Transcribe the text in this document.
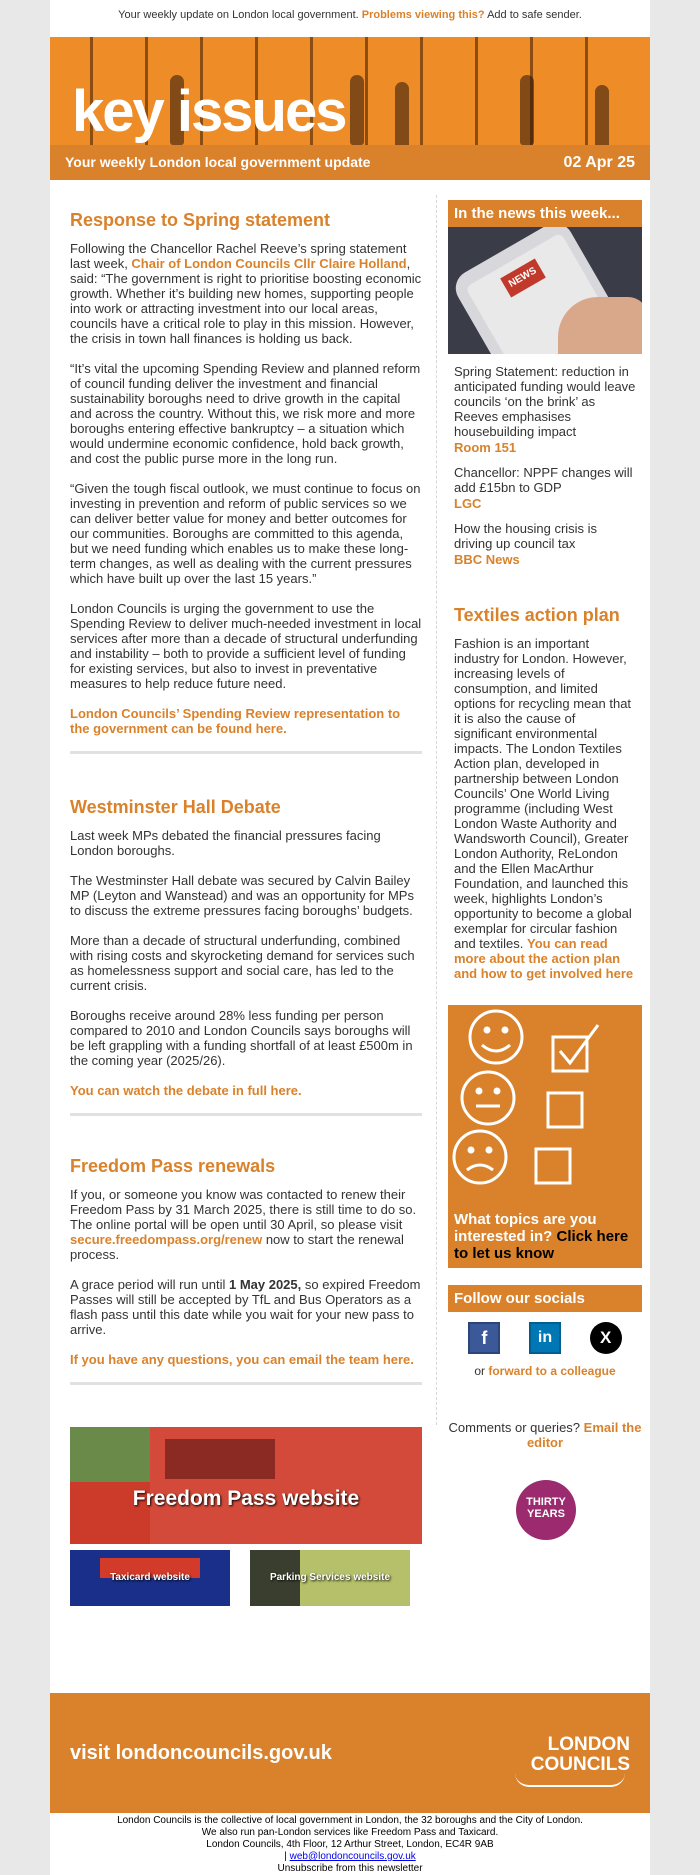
Your weekly update on London local government. Problems viewing this? Add to safe sender.
key issues
Your weekly London local government update	02 Apr 25
Response to Spring statement

Following the Chancellor Rachel Reeve’s spring statement last week, Chair of London Councils Cllr Claire Holland, said: “The government is right to prioritise boosting economic growth. Whether it’s building new homes, supporting people into work or attracting investment into our local areas, councils have a critical role to play in this mission. However, the crisis in town hall finances is holding us back.

“It’s vital the upcoming Spending Review and planned reform of council funding deliver the investment and financial sustainability boroughs need to drive growth in the capital and across the country. Without this, we risk more and more boroughs entering effective bankruptcy – a situation which would undermine economic confidence, hold back growth, and cost the public purse more in the long run.

“Given the tough fiscal outlook, we must continue to focus on investing in prevention and reform of public services so we can deliver better value for money and better outcomes for our communities. Boroughs are committed to this agenda, but we need funding which enables us to make these long-term changes, as well as dealing with the current pressures which have built up over the last 15 years.”

London Councils is urging the government to use the Spending Review to deliver much-needed investment in local services after more than a decade of structural underfunding and instability – both to provide a sufficient level of funding for existing services, but also to invest in preventative measures to help reduce future need.

London Councils’ Spending Review representation to the government can be found here.

Westminster Hall Debate

Last week MPs debated the financial pressures facing London boroughs.

The Westminster Hall debate was secured by Calvin Bailey MP (Leyton and Wanstead) and was an opportunity for MPs to discuss the extreme pressures facing boroughs’ budgets.

More than a decade of structural underfunding, combined with rising costs and skyrocketing demand for services such as homelessness support and social care, has led to the current crisis.

Boroughs receive around 28% less funding per person compared to 2010 and London Councils says boroughs will be left grappling with a funding shortfall of at least £500m in the coming year (2025/26).

You can watch the debate in full here.

Freedom Pass renewals

If you, or someone you know was contacted to renew their Freedom Pass by 31 March 2025, there is still time to do so. The online portal will be open until 30 April, so please visit secure.freedompass.org/renew now to start the renewal process.

A grace period will run until 1 May 2025, so expired Freedom Passes will still be accepted by TfL and Bus Operators as a flash pass until this date while you wait for your new pass to arrive.

If you have any questions, you can email the team here.

Freedom Pass website
Taxicard website	Parking Services website
In the news this week...
NEWS
Spring Statement: reduction in anticipated funding would leave councils ‘on the brink’ as Reeves emphasises housebuilding impact
Room 151
Chancellor: NPPF changes will add £15bn to GDP
LGC
How the housing crisis is driving up council tax
BBC News
Textiles action plan

Fashion is an important industry for London. However, increasing levels of consumption, and limited options for recycling mean that it is also the cause of significant environmental impacts. The London Textiles Action plan, developed in partnership between London Councils’ One World Living programme (including West London Waste Authority and Wandsworth Council), Greater London Authority, ReLondon and the Ellen MacArthur Foundation, and launched this week, highlights London’s opportunity to become a global exemplar for circular fashion and textiles. You can read more about the action plan and how to get involved here

What topics are you interested in? Click here to let us know
Follow our socials
f	in	X
or forward to a colleague
Comments or queries? Email the editor
THIRTY
YEARS
visit londoncouncils.gov.uk	LONDON
COUNCILS
London Councils is the collective of local government in London, the 32 boroughs and the City of London.
We also run pan-London services like Freedom Pass and Taxicard.
London Councils, 4th Floor, 12 Arthur Street, London, EC4R 9AB
| web@londoncouncils.gov.uk
Unsubscribe from this newsletter
